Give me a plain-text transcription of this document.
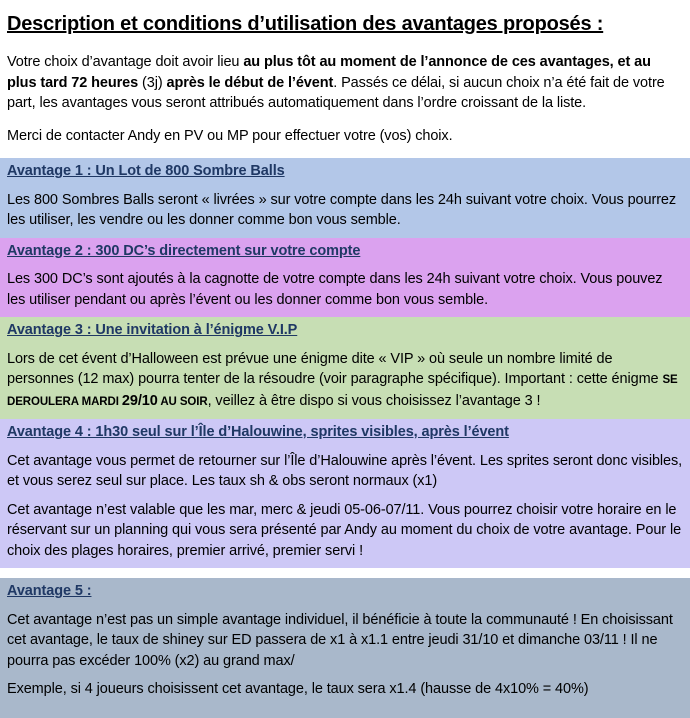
Description et conditions d’utilisation des avantages proposés :

Votre choix d’avantage doit avoir lieu au plus tôt au moment de l’annonce de ces avantages, et au plus tard 72 heures (3j) après le début de l’évent. Passés ce délai, si aucun choix n’a été fait de votre part, les avantages vous seront attribués automatiquement dans l’ordre croissant de la liste.

Merci de contacter Andy en PV ou MP pour effectuer votre (vos) choix.

Avantage 1 : Un Lot de 800 Sombre Balls

Les 800 Sombres Balls seront « livrées » sur votre compte dans les 24h suivant votre choix. Vous pourrez les utiliser, les vendre ou les donner comme bon vous semble.

Avantage 2 : 300 DC’s directement sur votre compte

Les 300 DC’s sont ajoutés à la cagnotte de votre compte dans les 24h suivant votre choix. Vous pouvez les utiliser pendant ou après l’évent ou les donner comme bon vous semble.

Avantage 3 : Une invitation à l’énigme V.I.P

Lors de cet évent d’Halloween est prévue une énigme dite « VIP » où seule un nombre limité de personnes (12 max) pourra tenter de la résoudre (voir paragraphe spécifique). Important : cette énigme SE DEROULERA MARDI 29/10 AU SOIR, veillez à être dispo si vous choisissez l’avantage 3 !

Avantage 4 : 1h30 seul sur l’Île d’Halouwine, sprites visibles, après l’évent

Cet avantage vous permet de retourner sur l’Île d’Halouwine après l’évent. Les sprites seront donc visibles, et vous serez seul sur place. Les taux sh & obs seront normaux (x1)

Cet avantage n’est valable que les mar, merc & jeudi 05-06-07/11. Vous pourrez choisir votre horaire en le réservant sur un planning qui vous sera présenté par Andy au moment du choix de votre avantage. Pour le choix des plages horaires, premier arrivé, premier servi !

Avantage 5 :

Cet avantage n’est pas un simple avantage individuel, il bénéficie à toute la communauté ! En choisissant cet avantage, le taux de shiney sur ED passera de x1 à x1.1 entre jeudi 31/10 et dimanche 03/11 ! Il ne pourra pas excéder 100% (x2) au grand max/

Exemple, si 4 joueurs choisissent cet avantage, le taux sera x1.4 (hausse de 4x10% = 40%)
